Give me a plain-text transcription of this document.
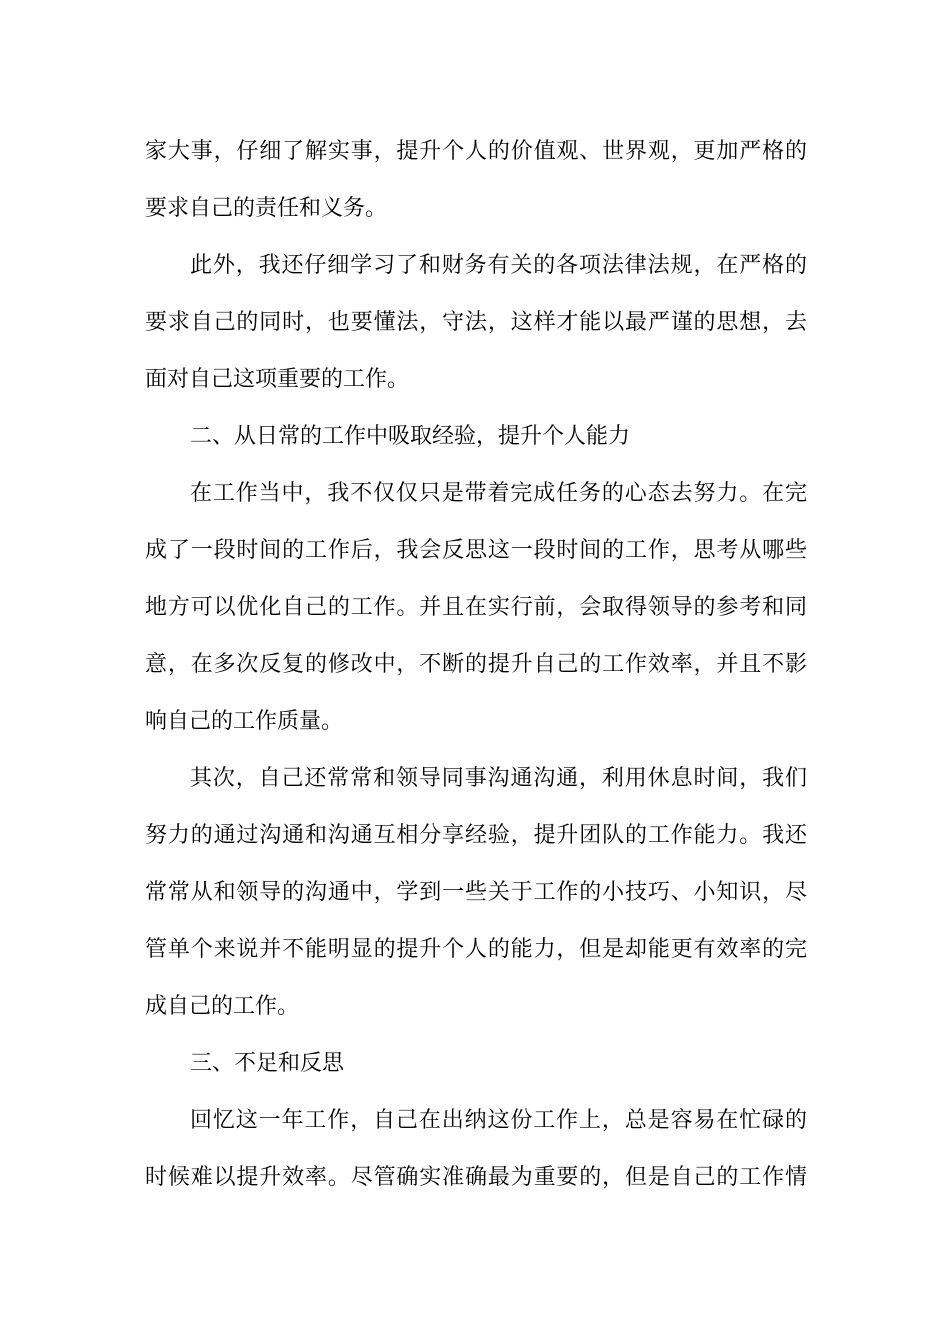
家大事，仔细了解实事，提升个人的价值观、世界观，更加严格的
要求自己的责任和义务。
此外，我还仔细学习了和财务有关的各项法律法规，在严格的
要求自己的同时，也要懂法，守法，这样才能以最严谨的思想，去
面对自己这项重要的工作。
二、从日常的工作中吸取经验，提升个人能力
在工作当中，我不仅仅只是带着完成任务的心态去努力。在完
成了一段时间的工作后，我会反思这一段时间的工作，思考从哪些
地方可以优化自己的工作。并且在实行前，会取得领导的参考和同
意，在多次反复的修改中，不断的提升自己的工作效率，并且不影
响自己的工作质量。
其次，自己还常常和领导同事沟通沟通，利用休息时间，我们
努力的通过沟通和沟通互相分享经验，提升团队的工作能力。我还
常常从和领导的沟通中，学到一些关于工作的小技巧、小知识，尽
管单个来说并不能明显的提升个人的能力，但是却能更有效率的完
成自己的工作。
三、不足和反思
回忆这一年工作，自己在出纳这份工作上，总是容易在忙碌的
时候难以提升效率。尽管确实准确最为重要的，但是自己的工作情
